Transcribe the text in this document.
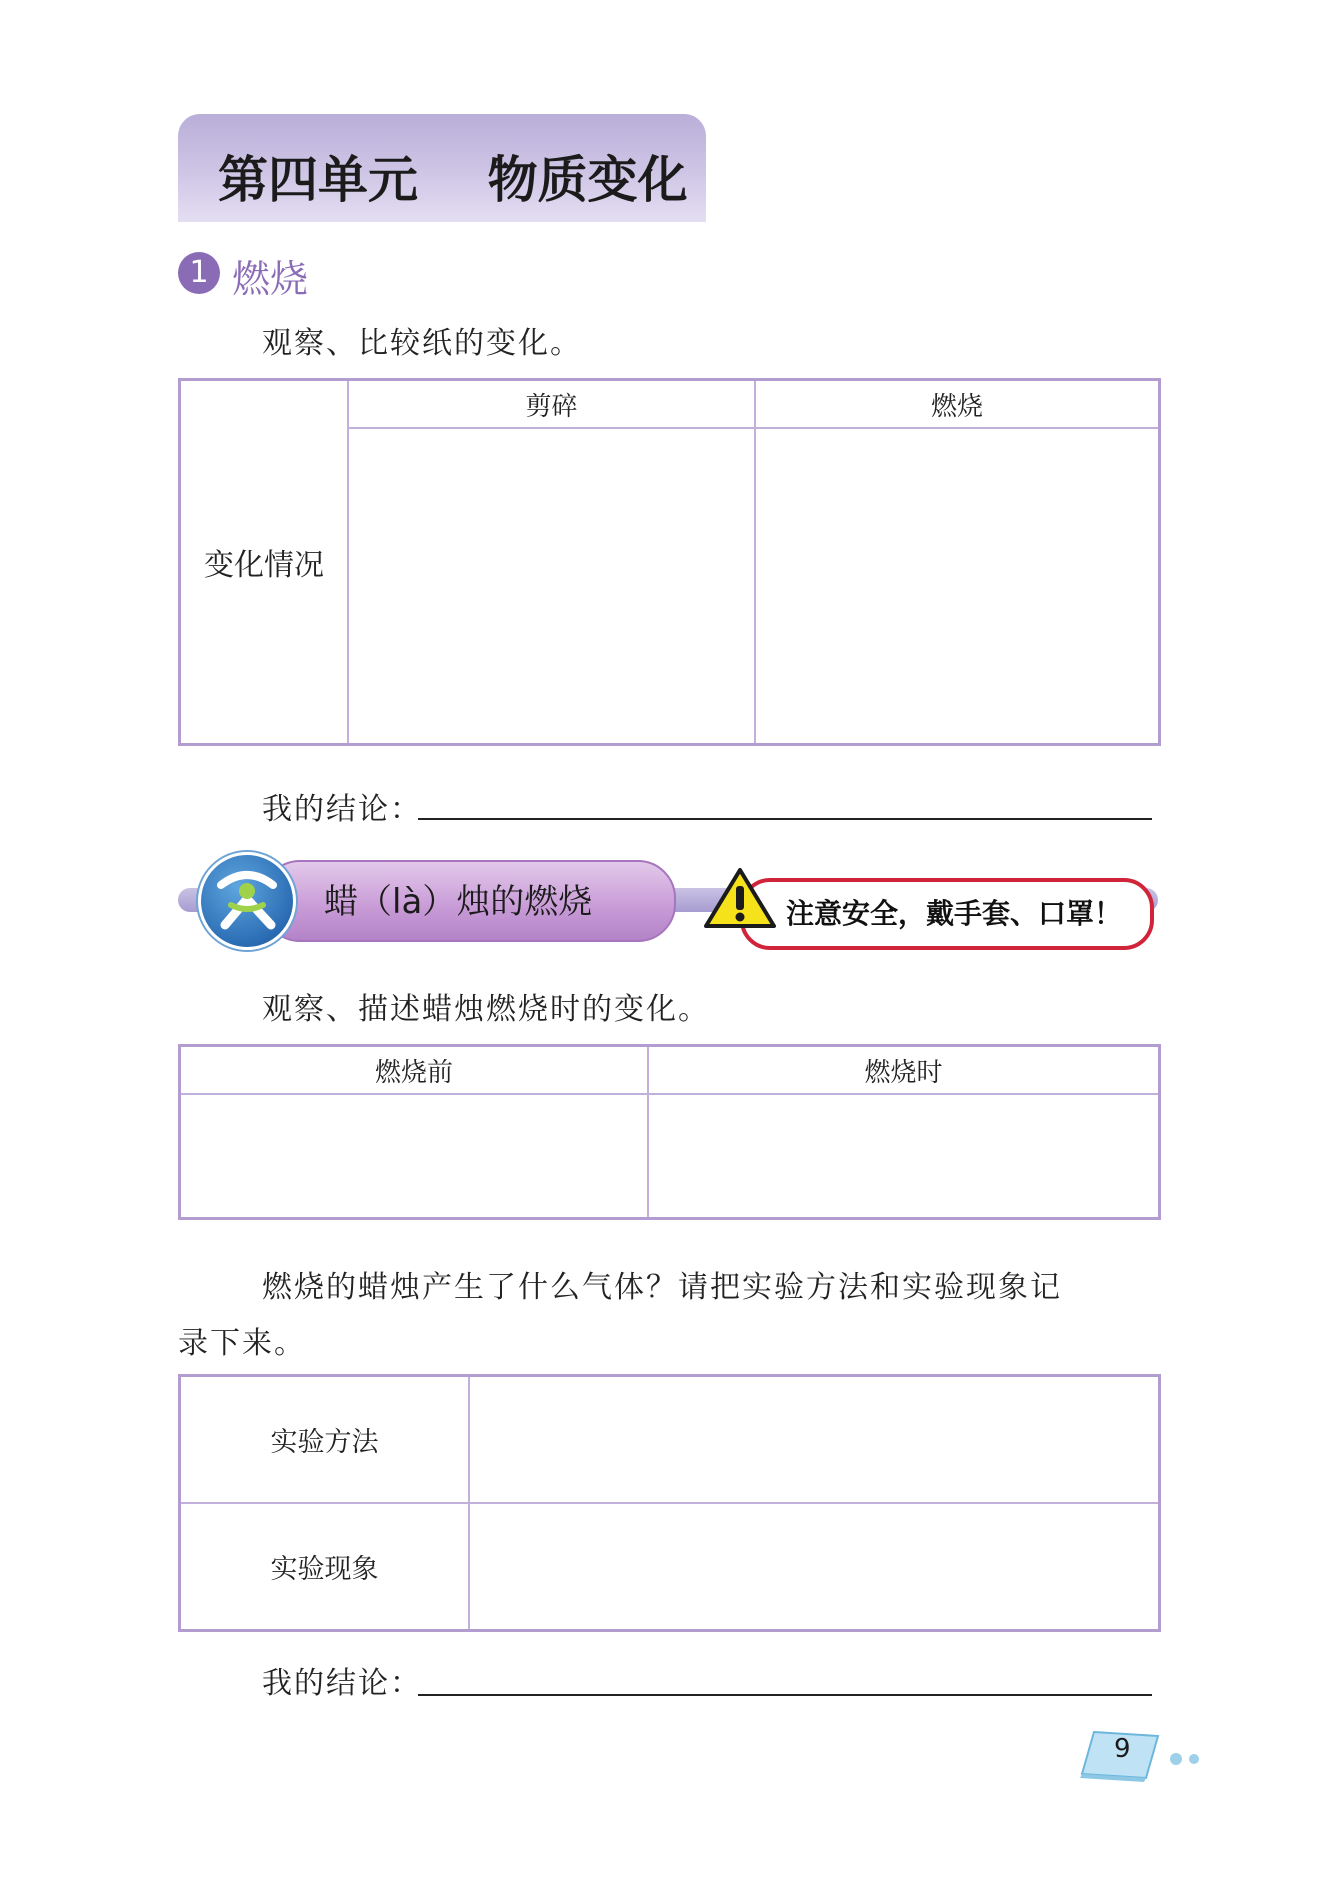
第四单元    物质变化
1 燃烧
观察、比较纸的变化。
变化情况	剪碎	燃烧

我的结论：
蜡（là）烛的燃烧	注意安全，戴手套、口罩！
观察、描述蜡烛燃烧时的变化。
燃烧前	燃烧时

燃烧的蜡烛产生了什么气体？请把实验方法和实验现象记
录下来。
实验方法	
实验现象	
我的结论：
9
